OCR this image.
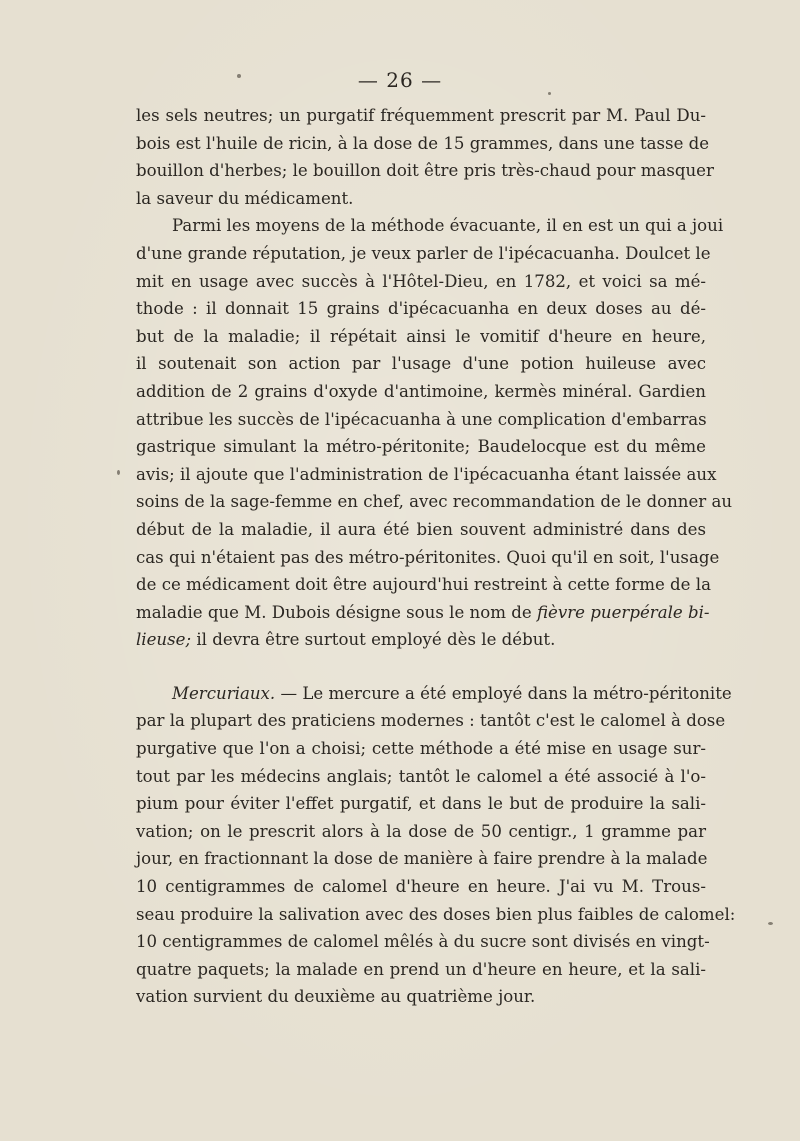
— 26 —
les sels neutres; un purgatif fréquemment prescrit par M. Paul Du-
bois est l'huile de ricin, à la dose de 15 grammes, dans une tasse de
bouillon d'herbes; le bouillon doit être pris très-chaud pour masquer
la saveur du médicament.
Parmi les moyens de la méthode évacuante, il en est un qui a joui
d'une grande réputation, je veux parler de l'ipécacuanha. Doulcet le
mit en usage avec succès à l'Hôtel-Dieu, en 1782, et voici sa mé-
thode : il donnait 15 grains d'ipécacuanha en deux doses au dé-
but de la maladie; il répétait ainsi le vomitif d'heure en heure,
il soutenait son action par l'usage d'une potion huileuse avec
addition de 2 grains d'oxyde d'antimoine, kermès minéral. Gardien
attribue les succès de l'ipécacuanha à une complication d'embarras
gastrique simulant la métro-péritonite; Baudelocque est du même
avis; il ajoute que l'administration de l'ipécacuanha étant laissée aux
soins de la sage-femme en chef, avec recommandation de le donner au
début de la maladie, il aura été bien souvent administré dans des
cas qui n'étaient pas des métro-péritonites. Quoi qu'il en soit, l'usage
de ce médicament doit être aujourd'hui restreint à cette forme de la
maladie que M. Dubois désigne sous le nom de fièvre puerpérale bi-
lieuse; il devra être surtout employé dès le début.
Mercuriaux. — Le mercure a été employé dans la métro-péritonite
par la plupart des praticiens modernes : tantôt c'est le calomel à dose
purgative que l'on a choisi; cette méthode a été mise en usage sur-
tout par les médecins anglais; tantôt le calomel a été associé à l'o-
pium pour éviter l'effet purgatif, et dans le but de produire la sali-
vation; on le prescrit alors à la dose de 50 centigr., 1 gramme par
jour, en fractionnant la dose de manière à faire prendre à la malade
10 centigrammes de calomel d'heure en heure. J'ai vu M. Trous-
seau produire la salivation avec des doses bien plus faibles de calomel:
10 centigrammes de calomel mêlés à du sucre sont divisés en vingt-
quatre paquets; la malade en prend un d'heure en heure, et la sali-
vation survient du deuxième au quatrième jour.
